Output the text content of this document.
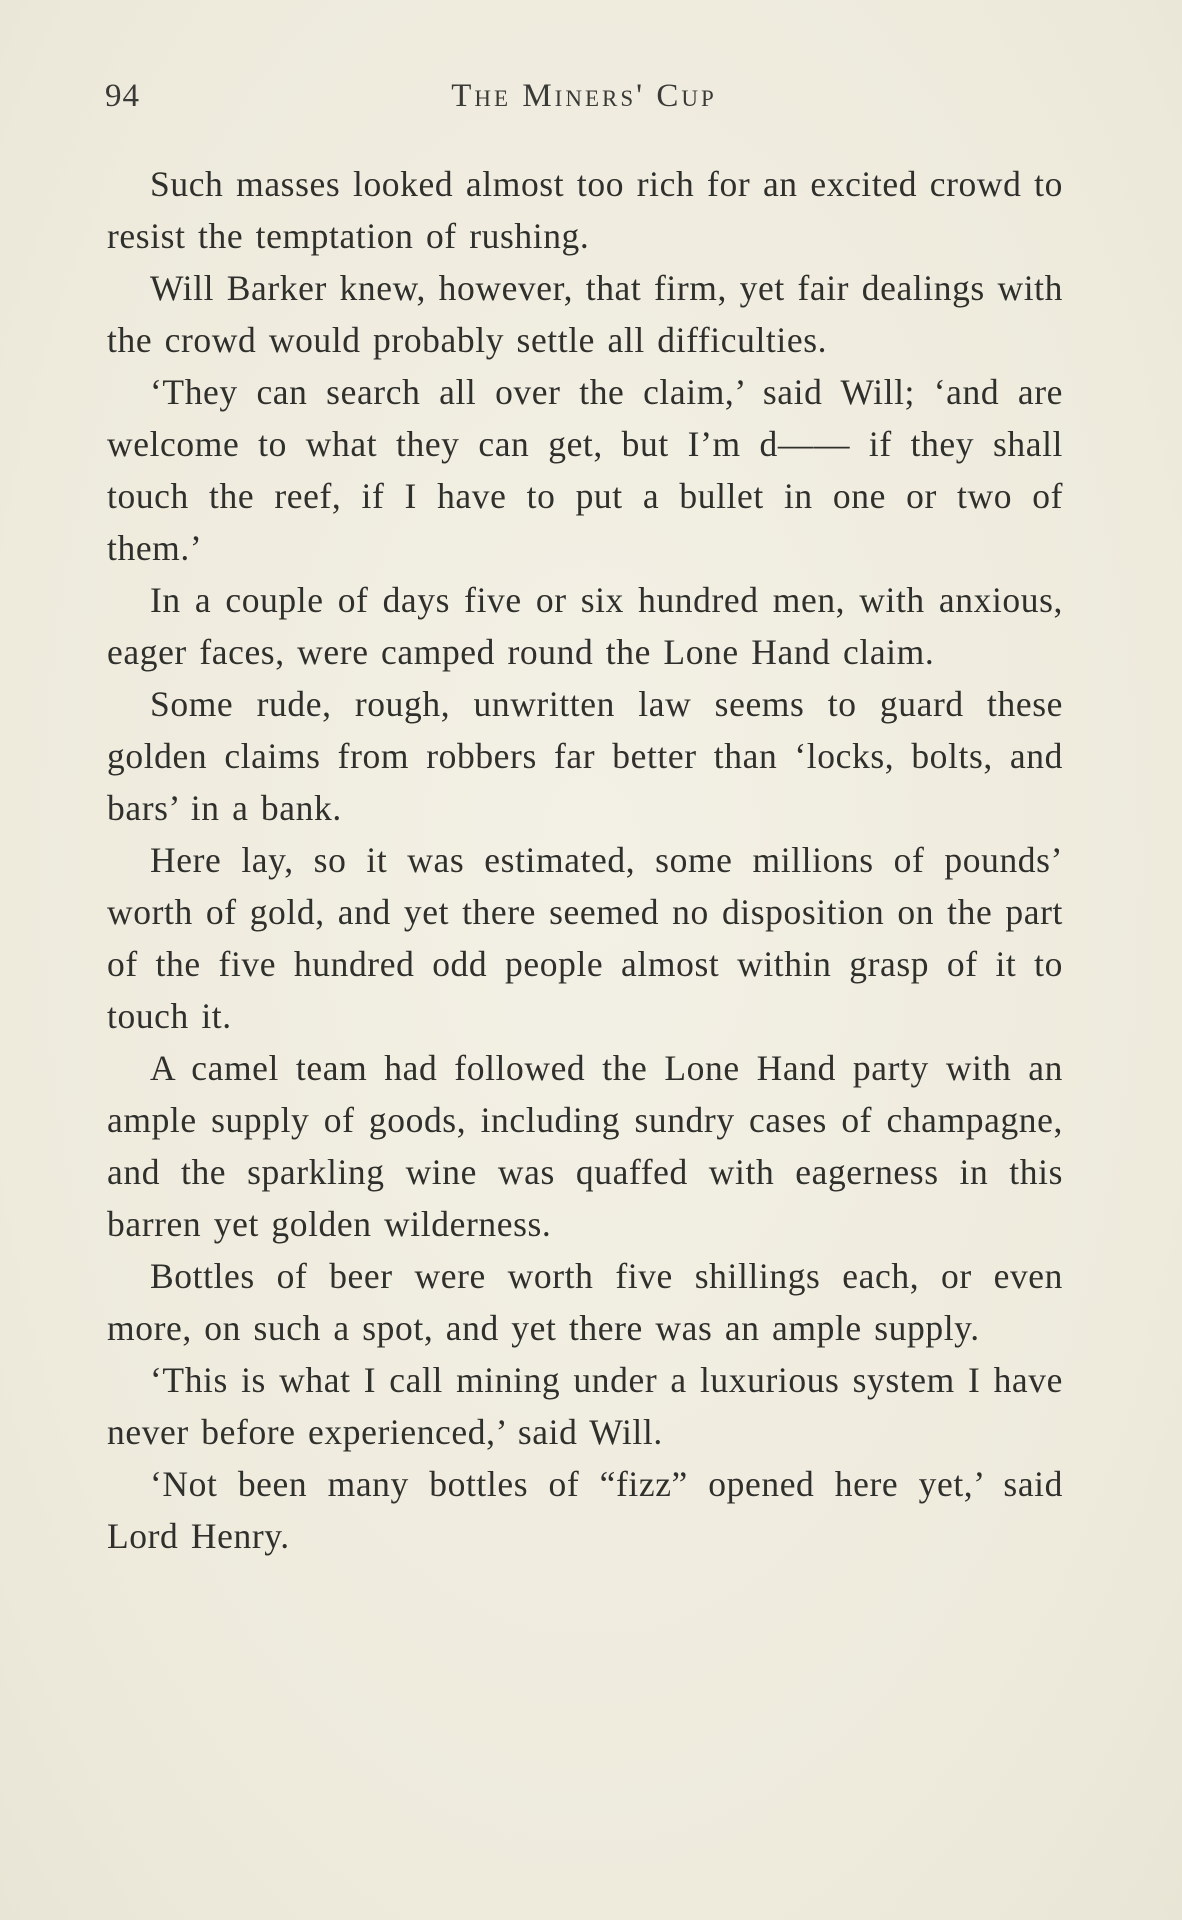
94	The Miners' Cup

Such masses looked almost too rich for an excited crowd to resist the temptation of rushing.

Will Barker knew, however, that firm, yet fair dealings with the crowd would probably settle all difficulties.

‘They can search all over the claim,’ said Will; ‘and are welcome to what they can get, but I’m d—— if they shall touch the reef, if I have to put a bullet in one or two of them.’

In a couple of days five or six hundred men, with anxious, eager faces, were camped round the Lone Hand claim.

Some rude, rough, unwritten law seems to guard these golden claims from robbers far better than ‘locks, bolts, and bars’ in a bank.

Here lay, so it was estimated, some millions of pounds’ worth of gold, and yet there seemed no disposition on the part of the five hundred odd people almost within grasp of it to touch it.

A camel team had followed the Lone Hand party with an ample supply of goods, including sundry cases of champagne, and the sparkling wine was quaffed with eagerness in this barren yet golden wilderness.

Bottles of beer were worth five shillings each, or even more, on such a spot, and yet there was an ample supply.

‘This is what I call mining under a luxurious system I have never before experienced,’ said Will.

‘Not been many bottles of “fizz” opened here yet,’ said Lord Henry.
